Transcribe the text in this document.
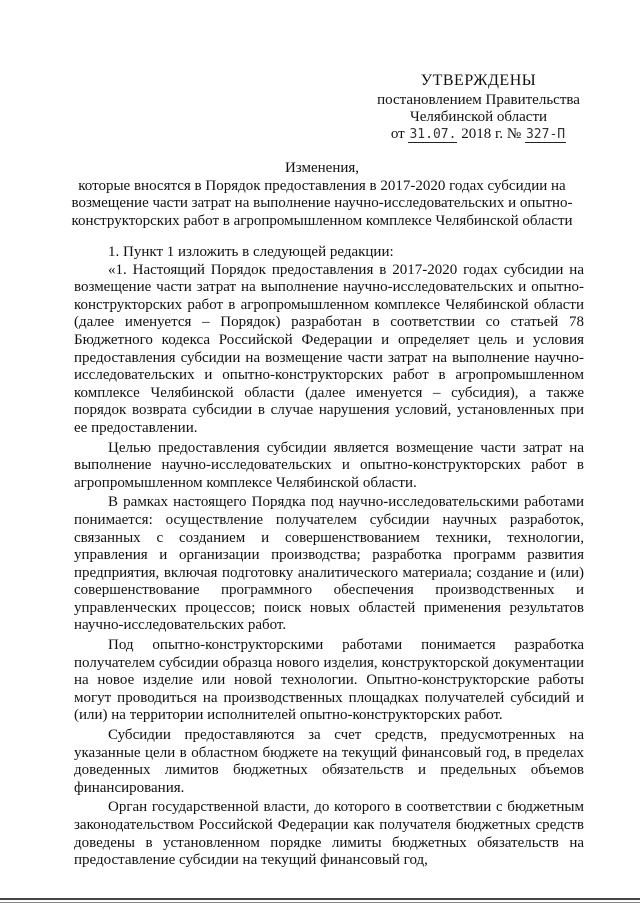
УТВЕРЖДЕНЫ
постановлением Правительства
Челябинской области
от 31.07. 2018 г. № 327-П
Изменения,
которые вносятся в Порядок предоставления в 2017-2020 годах субсидии на
возмещение части затрат на выполнение научно-исследовательских и опытно-
конструкторских работ в агропромышленном комплексе Челябинской области

1. Пункт 1 изложить в следующей редакции:

«1. Настоящий Порядок предоставления в 2017-2020 годах субсидии на возмещение части затрат на выполнение научно-исследовательских и опытно-конструкторских работ в агропромышленном комплексе Челябинской области (далее именуется – Порядок) разработан в соответствии со статьей 78 Бюджетного кодекса Российской Федерации и определяет цель и условия предоставления субсидии на возмещение части затрат на выполнение научно-исследовательских и опытно-конструкторских работ в агропромышленном комплексе Челябинской области (далее именуется – субсидия), а также порядок возврата субсидии в случае нарушения условий, установленных при ее предоставлении.

Целью предоставления субсидии является возмещение части затрат на выполнение научно-исследовательских и опытно-конструкторских работ в агропромышленном комплексе Челябинской области.

В рамках настоящего Порядка под научно-исследовательскими работами понимается: осуществление получателем субсидии научных разработок, связанных с созданием и совершенствованием техники, технологии, управления и организации производства; разработка программ развития предприятия, включая подготовку аналитического материала; создание и (или) совершенствование программного обеспечения производственных и управленческих процессов; поиск новых областей применения результатов научно-исследовательских работ.

Под опытно-конструкторскими работами понимается разработка получателем субсидии образца нового изделия, конструкторской документации на новое изделие или новой технологии. Опытно-конструкторские работы могут проводиться на производственных площадках получателей субсидий и (или) на территории исполнителей опытно-конструкторских работ.

Субсидии предоставляются за счет средств, предусмотренных на указанные цели в областном бюджете на текущий финансовый год, в пределах доведенных лимитов бюджетных обязательств и предельных объемов финансирования.

Орган государственной власти, до которого в соответствии с бюджетным законодательством Российской Федерации как получателя бюджетных средств доведены в установленном порядке лимиты бюджетных обязательств на предоставление субсидии на текущий финансовый год,
